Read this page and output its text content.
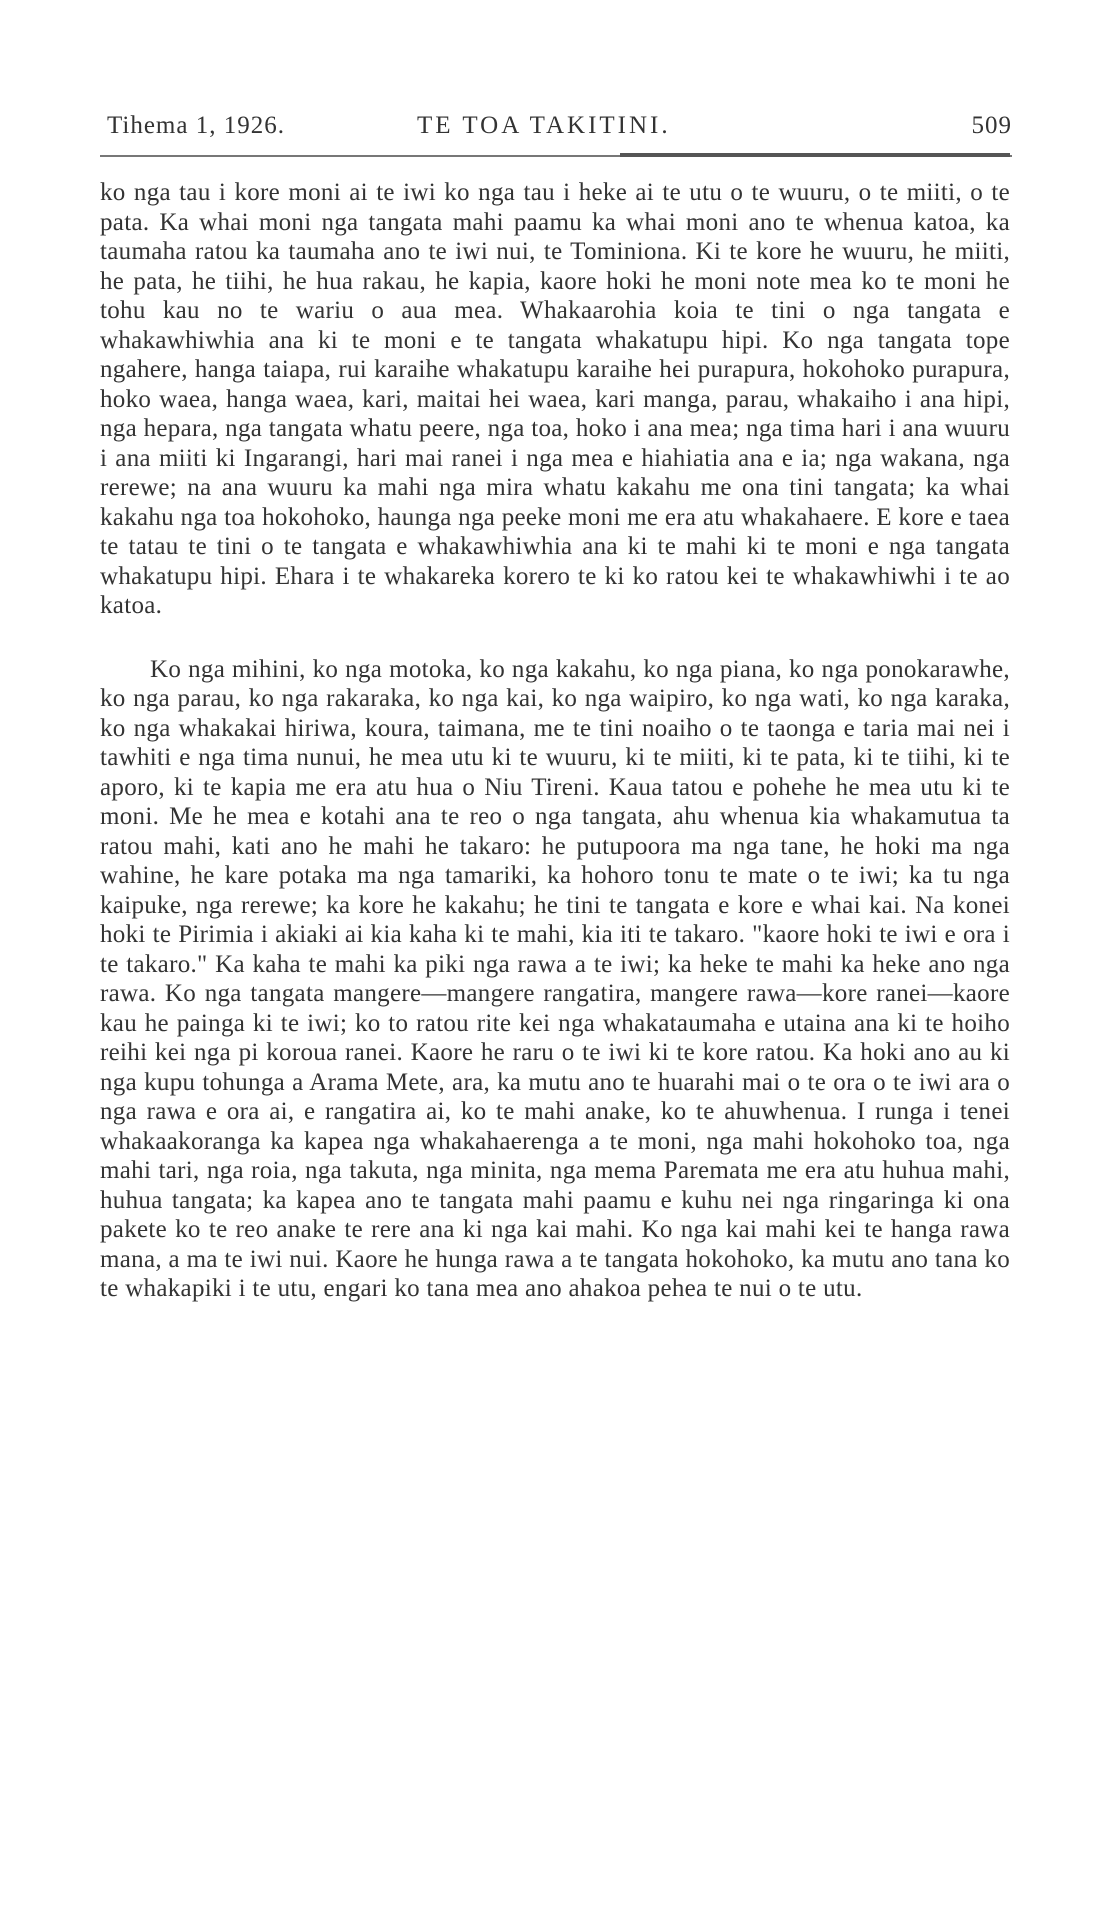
Tihema 1, 1926.	TE TOA TAKITINI.	509

ko nga tau i kore moni ai te iwi ko nga tau i heke ai te utu o te wuuru, o te miiti, o te pata. Ka whai moni nga tangata mahi paamu ka whai moni ano te whenua katoa, ka taumaha ratou ka taumaha ano te iwi nui, te Tominiona. Ki te kore he wuuru, he miiti, he pata, he tiihi, he hua rakau, he kapia, kaore hoki he moni note mea ko te moni he tohu kau no te wariu o aua mea. Whakaarohia koia te tini o nga tangata e whakawhiwhia ana ki te moni e te tangata whakatupu hipi. Ko nga tangata tope ngahere, hanga taiapa, rui karaihe whakatupu karaihe hei purapura, hokohoko purapura, hoko waea, hanga waea, kari, maitai hei waea, kari manga, parau, whakaiho i ana hipi, nga hepara, nga tangata whatu peere, nga toa, hoko i ana mea; nga tima hari i ana wuuru i ana miiti ki Ingarangi, hari mai ranei i nga mea e hiahiatia ana e ia; nga wakana, nga rerewe; na ana wuuru ka mahi nga mira whatu kakahu me ona tini tangata; ka whai kakahu nga toa hokohoko, haunga nga peeke moni me era atu whakahaere. E kore e taea te tatau te tini o te tangata e whakawhiwhia ana ki te mahi ki te moni e nga tangata whakatupu hipi. Ehara i te whakareka korero te ki ko ratou kei te whakawhiwhi i te ao katoa.

Ko nga mihini, ko nga motoka, ko nga kakahu, ko nga piana, ko nga ponokarawhe, ko nga parau, ko nga rakaraka, ko nga kai, ko nga waipiro, ko nga wati, ko nga karaka, ko nga whakakai hiriwa, koura, taimana, me te tini noaiho o te taonga e taria mai nei i tawhiti e nga tima nunui, he mea utu ki te wuuru, ki te miiti, ki te pata, ki te tiihi, ki te aporo, ki te kapia me era atu hua o Niu Tireni. Kaua tatou e pohehe he mea utu ki te moni. Me he mea e kotahi ana te reo o nga tangata, ahu whenua kia whakamutua ta ratou mahi, kati ano he mahi he takaro: he putupoora ma nga tane, he hoki ma nga wahine, he kare potaka ma nga tamariki, ka hohoro tonu te mate o te iwi; ka tu nga kaipuke, nga rerewe; ka kore he kakahu; he tini te tangata e kore e whai kai. Na konei hoki te Pirimia i akiaki ai kia kaha ki te mahi, kia iti te takaro. "kaore hoki te iwi e ora i te takaro." Ka kaha te mahi ka piki nga rawa a te iwi; ka heke te mahi ka heke ano nga rawa. Ko nga tangata mangere—mangere rangatira, mangere rawa—kore ranei—kaore kau he painga ki te iwi; ko to ratou rite kei nga whakataumaha e utaina ana ki te hoiho reihi kei nga pi koroua ranei. Kaore he raru o te iwi ki te kore ratou. Ka hoki ano au ki nga kupu tohunga a Arama Mete, ara, ka mutu ano te huarahi mai o te ora o te iwi ara o nga rawa e ora ai, e rangatira ai, ko te mahi anake, ko te ahuwhenua. I runga i tenei whakaakoranga ka kapea nga whakahaerenga a te moni, nga mahi hokohoko toa, nga mahi tari, nga roia, nga takuta, nga minita, nga mema Paremata me era atu huhua mahi, huhua tangata; ka kapea ano te tangata mahi paamu e kuhu nei nga ringaringa ki ona pakete ko te reo anake te rere ana ki nga kai mahi. Ko nga kai mahi kei te hanga rawa mana, a ma te iwi nui. Kaore he hunga rawa a te tangata hokohoko, ka mutu ano tana ko te whakapiki i te utu, engari ko tana mea ano ahakoa pehea te nui o te utu.
